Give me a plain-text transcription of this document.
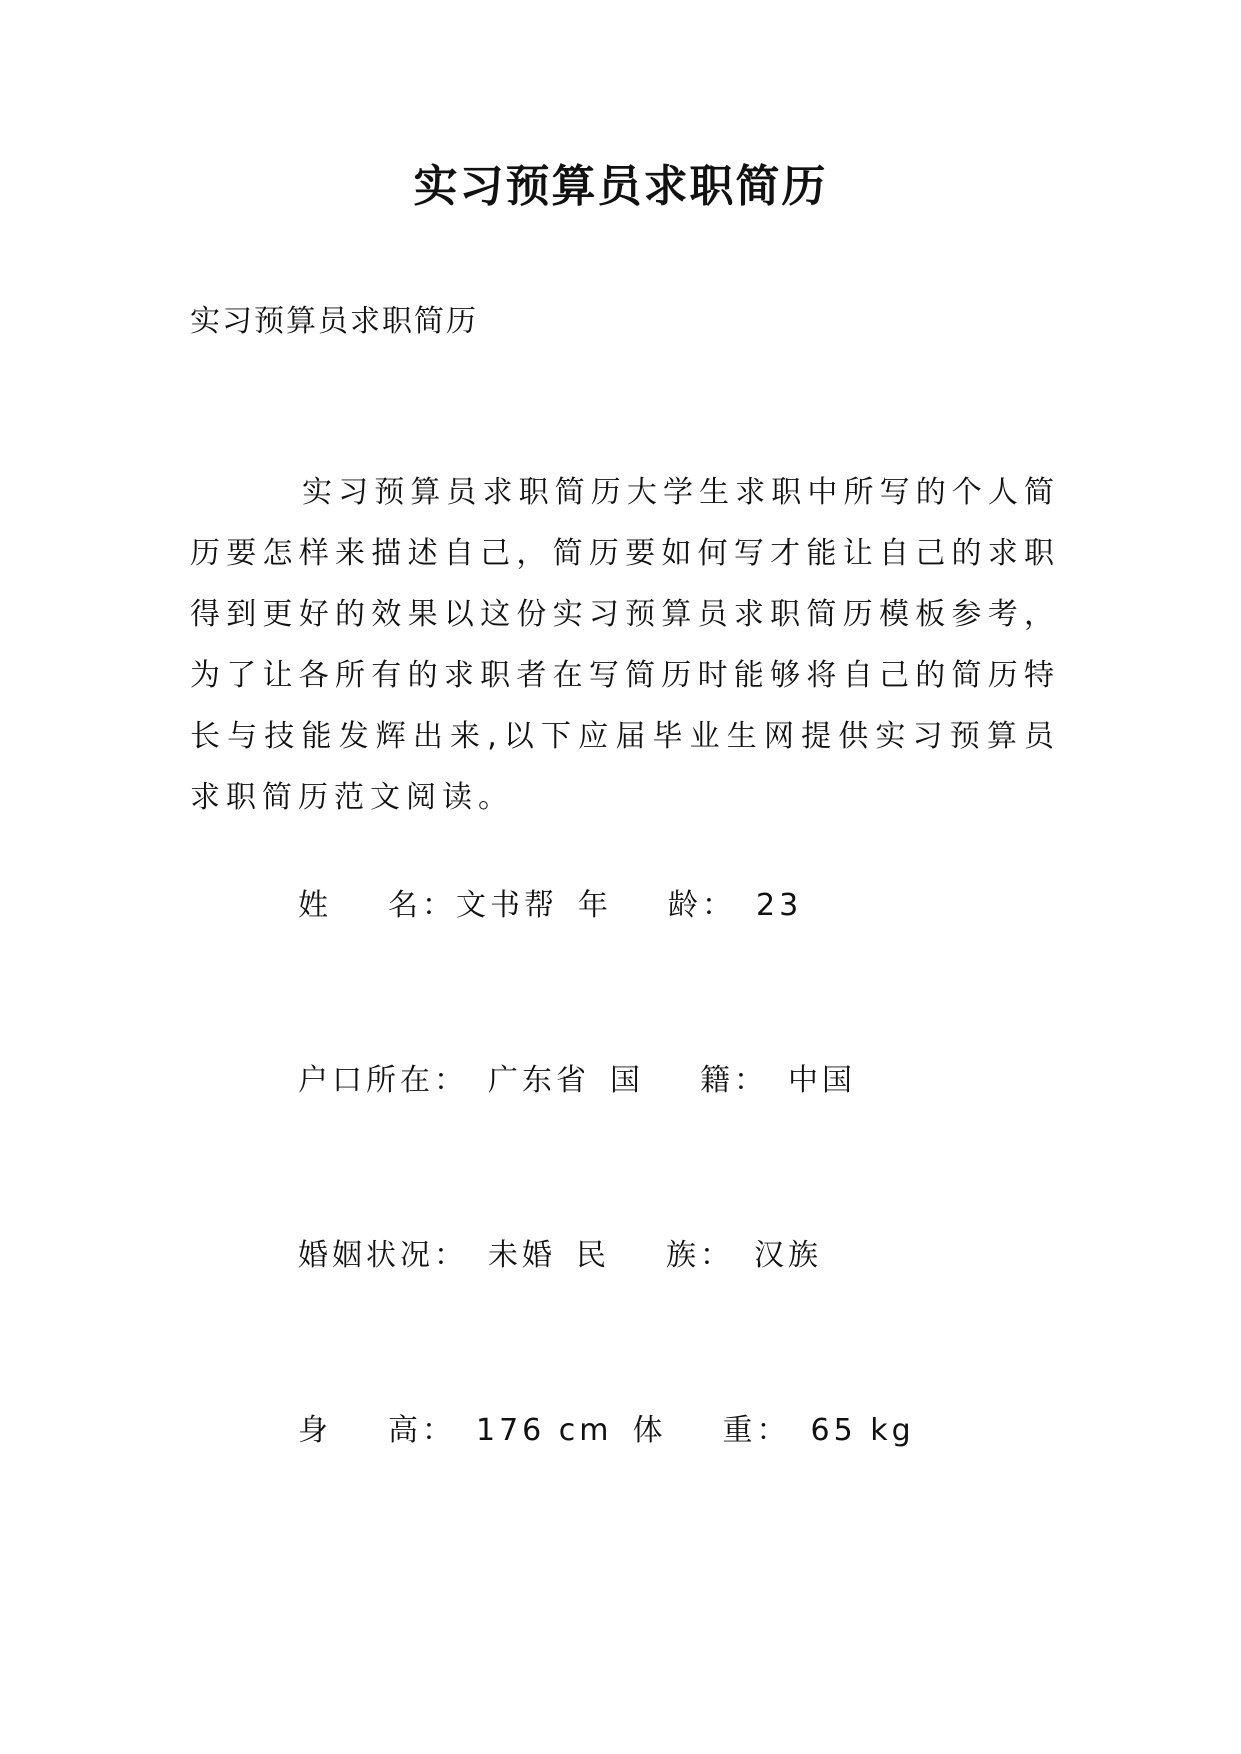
实习预算员求职简历
实习预算员求职简历
实习预算员求职简历大学生求职中所写的个人简历要怎样来描述自己，简历要如何写才能让自己的求职得到更好的效果以这份实习预算员求职简历模板参考，为了让各所有的求职者在写简历时能够将自己的简历特长与技能发辉出来,以下应届毕业生网提供实习预算员求职简历范文阅读。
姓 名：文书帮 年 龄： 23
户口所在： 广东省 国 籍： 中国
婚姻状况： 未婚 民 族： 汉族
身 高： 176 cm 体 重： 65 kg
